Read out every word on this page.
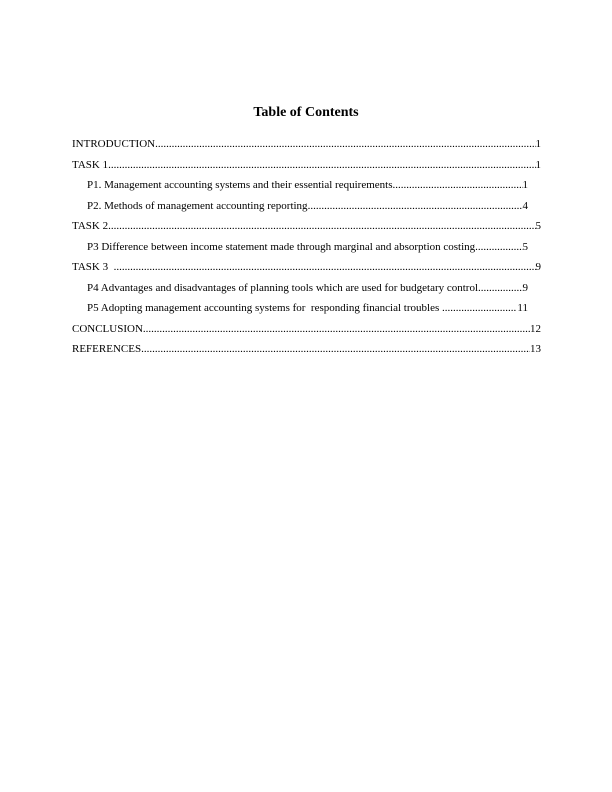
Table of Contents
INTRODUCTION .....	1
TASK 1 .....	1
P1. Management accounting systems and their essential requirements .....	1
P2. Methods of management accounting reporting .....	4
TASK 2 .....	5
P3 Difference between income statement made through marginal and absorption costing .....	5
TASK 3 .....	9
P4 Advantages and disadvantages of planning tools which are used for budgetary control .....	9
P5 Adopting management accounting systems for  responding financial troubles .....	11
CONCLUSION .....	12
REFERENCES .....	13
